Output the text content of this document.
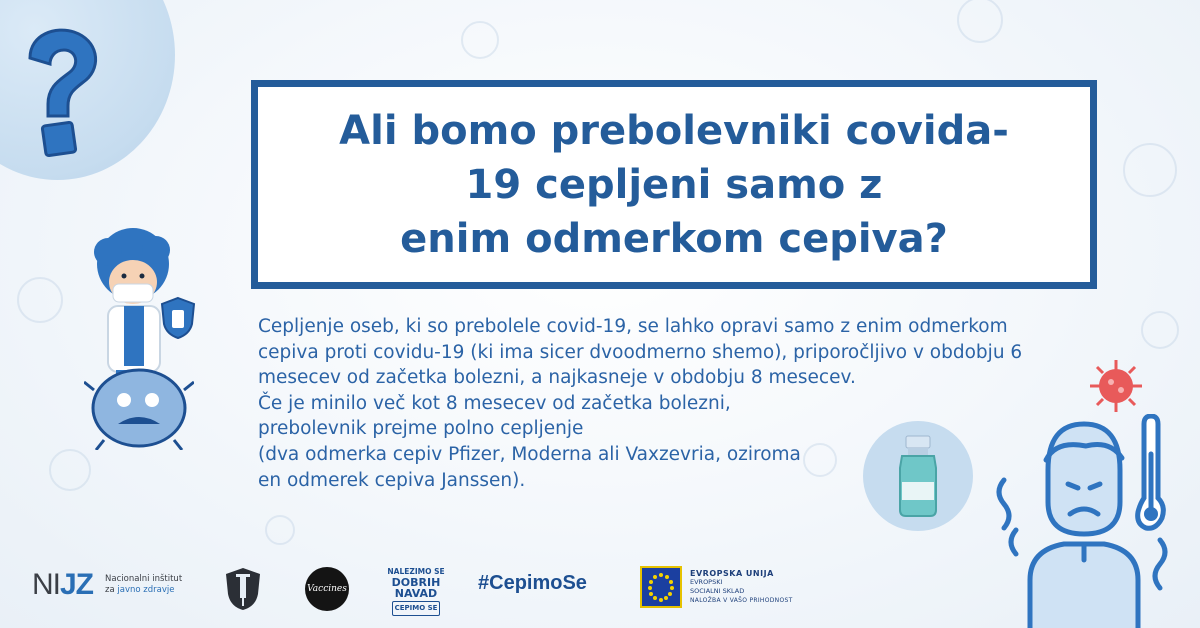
Ali bomo prebolevniki covida-
19 cepljeni samo z
enim odmerkom cepiva?

Cepljenje oseb, ki so prebolele covid-19, se lahko opravi samo z enim odmerkom cepiva proti covidu-19 (ki ima sicer dvoodmerno shemo), priporočljivo v obdobju 6 mesecev od začetka bolezni, a najkasneje v obdobju 8 mesecev.

Če je minilo več kot 8 mesecev od začetka bolezni, prebolevnik prejme polno cepljenje

(dva odmerka cepiv Pfizer, Moderna ali Vaxzevria, oziroma en odmerek cepiva Janssen).

NIJZ Nacionalni inštitut
za javno zdravje	Vaccines
NALEZIMO SE
DOBRIH
NAVAD
CEPIMO SE
#CepimoSe	EVROPSKA UNIJA
EVROPSKI
SOCIALNI SKLAD
NALOŽBA V VAŠO PRIHODNOST
